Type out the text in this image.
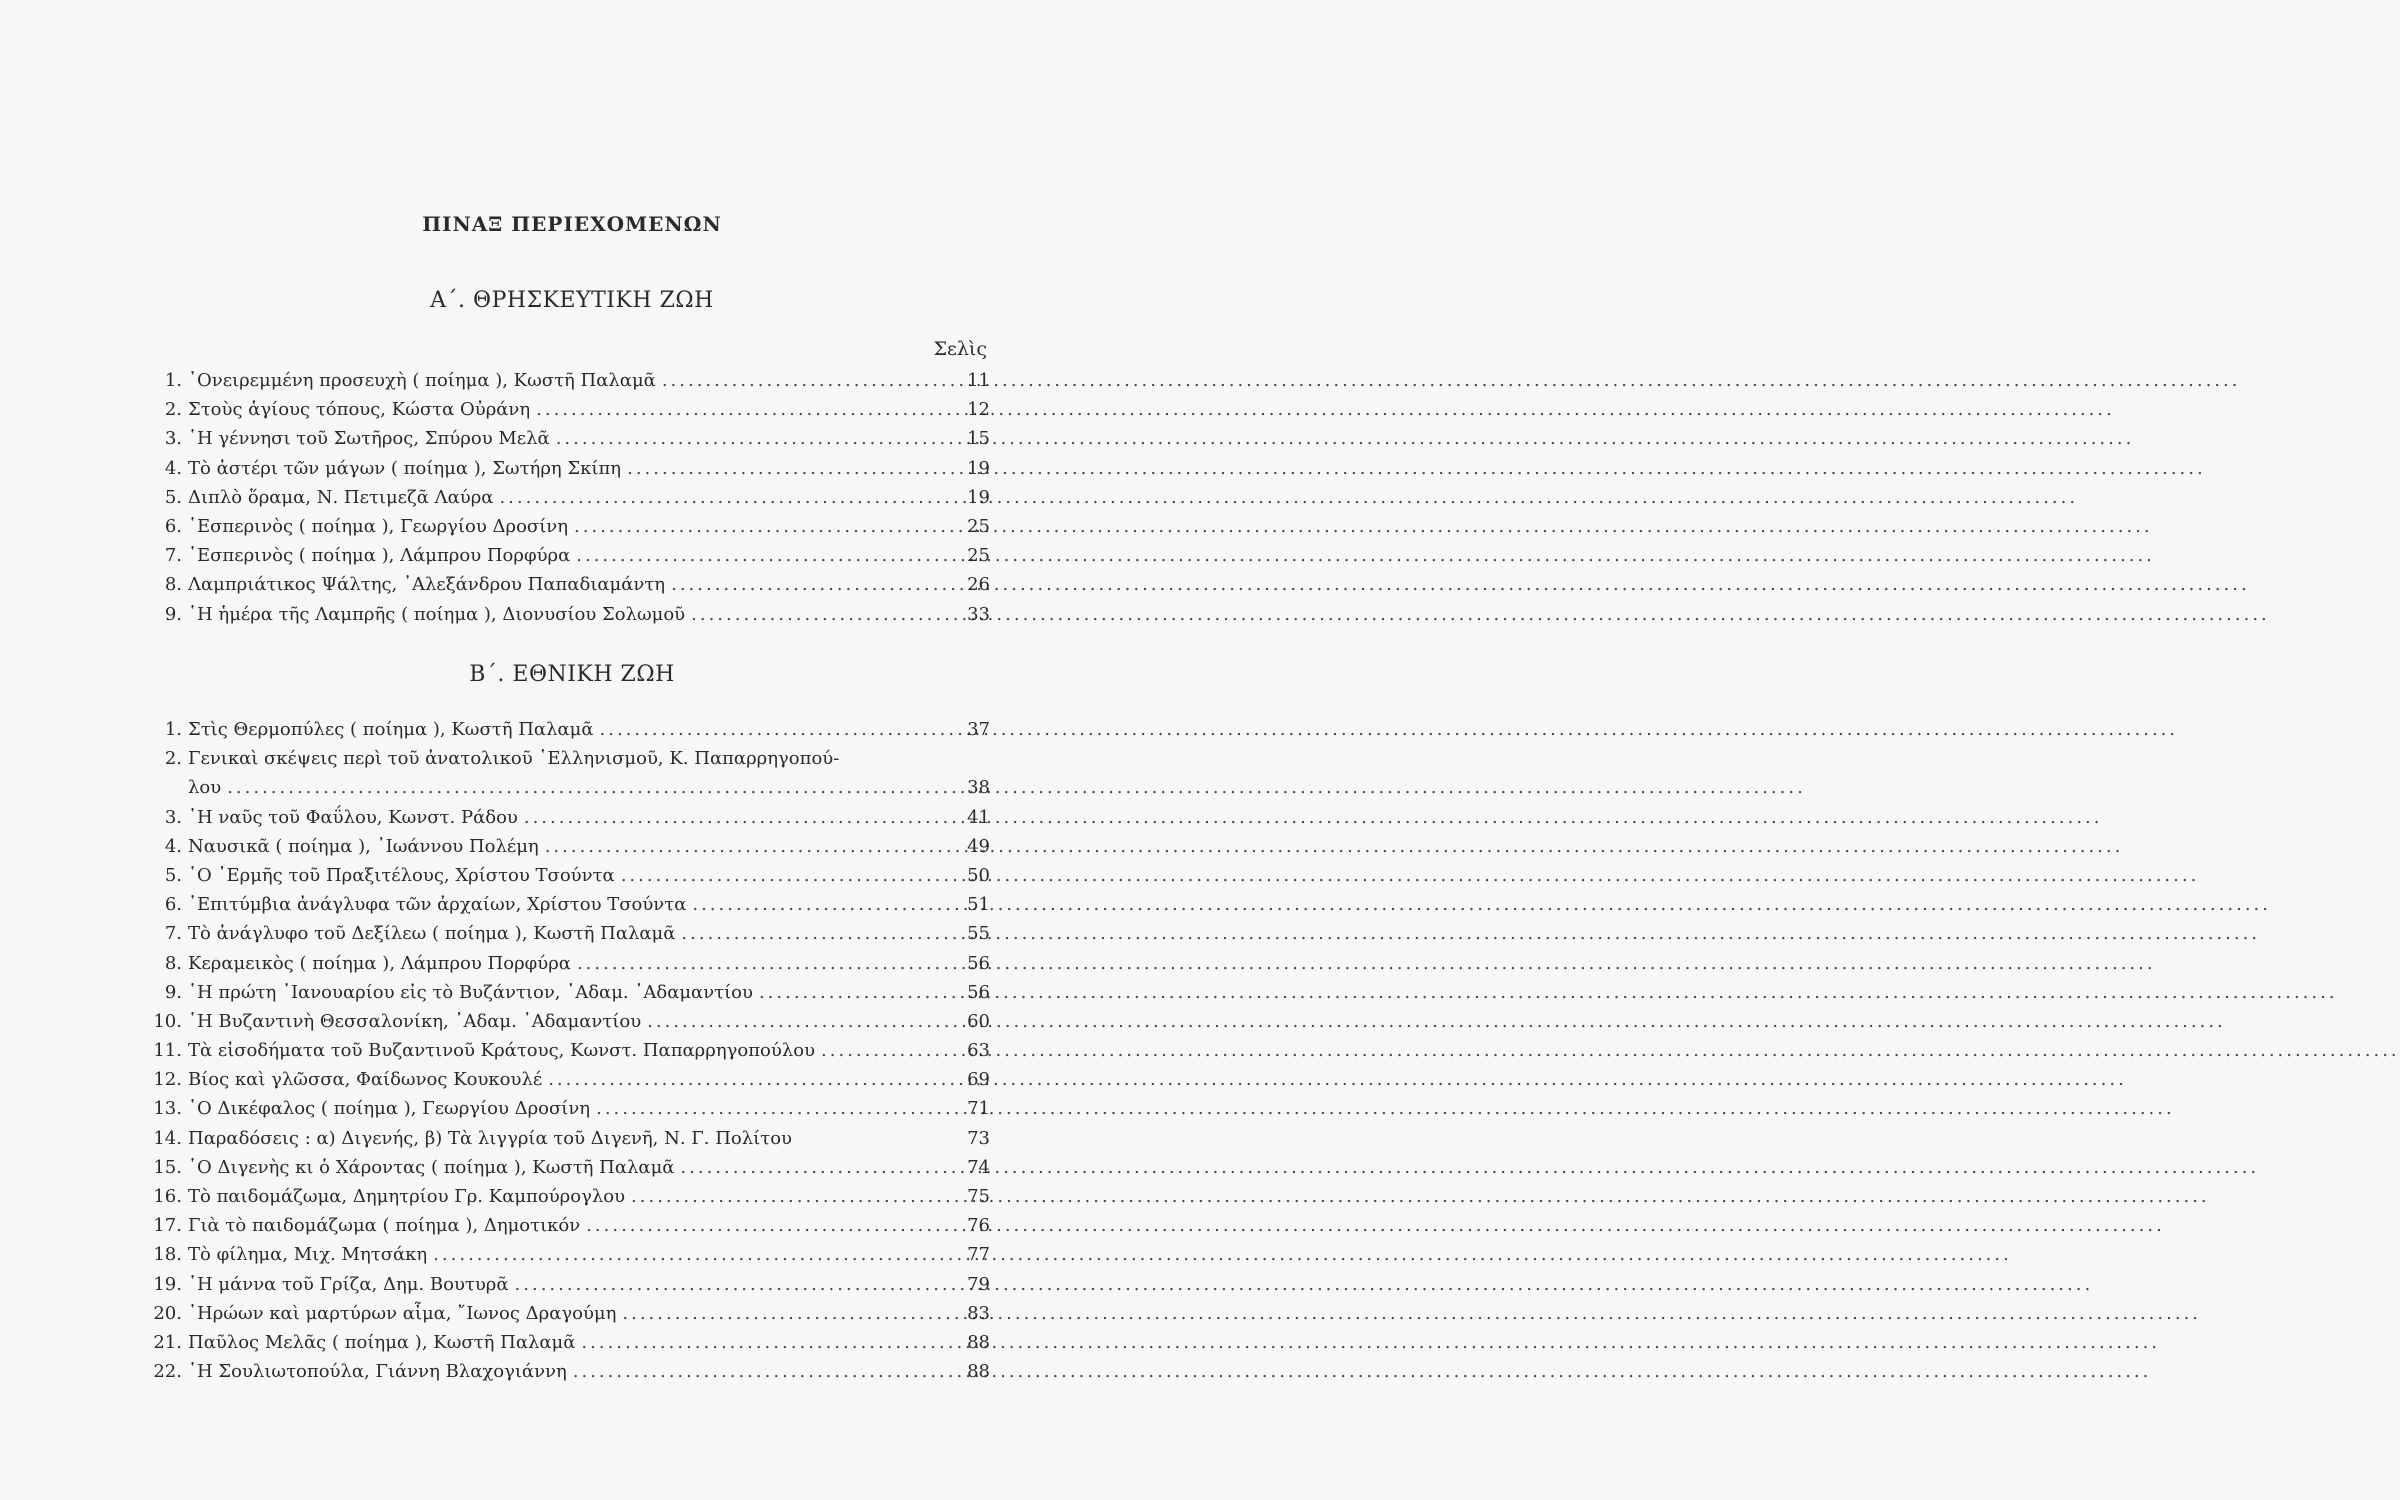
ΠΙΝΑΞ ΠΕΡΙΕΧΟΜΕΝΩΝ
Α΄. ΘΡΗΣΚΕΥΤΙΚΗ ΖΩΗ
Σελὶς
1. ᾿Ονειρεμμένη προσευχὴ ( ποίημα ), Κωστῆ Παλαμᾶ .....	11
2. Στοὺς ἁγίους τόπους, Κώστα Οὐράνη .....	12
3. ῾Η γέννησι τοῦ Σωτῆρος, Σπύρου Μελᾶ .....	15
4. Τὸ ἀστέρι τῶν μάγων ( ποίημα ), Σωτήρη Σκίπη .....	19
5. Διπλὸ ὅραμα, Ν. Πετιμεζᾶ Λαύρα .....	19
6. ῾Εσπερινὸς ( ποίημα ), Γεωργίου Δροσίνη .....	25
7. ῾Εσπερινὸς ( ποίημα ), Λάμπρου Πορφύρα .....	25
8. Λαμπριάτικος Ψάλτης, ᾿Αλεξάνδρου Παπαδιαμάντη .....	26
9. ῾Η ἡμέρα τῆς Λαμπρῆς ( ποίημα ), Διονυσίου Σολωμοῦ .....	33
Β΄. ΕΘΝΙΚΗ ΖΩΗ
1. Στὶς Θερμοπύλες ( ποίημα ), Κωστῆ Παλαμᾶ .....	37
2. Γενικαὶ σκέψεις περὶ τοῦ ἀνατολικοῦ ῾Ελληνισμοῦ, Κ. Παπαρρηγοπού-
λου .....	38
3. ῾Η ναῦς τοῦ Φαΰλου, Κωνστ. Ράδου .....	41
4. Ναυσικᾶ ( ποίημα ), ᾿Ιωάννου Πολέμη .....	49
5. ῾Ο ῾Ερμῆς τοῦ Πραξιτέλους, Χρίστου Τσούντα .....	50
6. ᾿Επιτύμβια ἀνάγλυφα τῶν ἀρχαίων, Χρίστου Τσούντα .....	51
7. Τὸ ἀνάγλυφο τοῦ Δεξίλεω ( ποίημα ), Κωστῆ Παλαμᾶ .....	55
8. Κεραμεικὸς ( ποίημα ), Λάμπρου Πορφύρα .....	56
9. ῾Η πρώτη ᾿Ιανουαρίου εἰς τὸ Βυζάντιον, ᾿Αδαμ. ᾿Αδαμαντίου .....	56
10. ῾Η Βυζαντινὴ Θεσσαλονίκη, ᾿Αδαμ. ᾿Αδαμαντίου .....	60
11. Τὰ εἰσοδήματα τοῦ Βυζαντινοῦ Κράτους, Κωνστ. Παπαρρηγοπούλου .....	63
12. Βίος καὶ γλῶσσα, Φαίδωνος Κουκουλέ .....	69
13. ῾Ο Δικέφαλος ( ποίημα ), Γεωργίου Δροσίνη .....	71
14. Παραδόσεις : α) Διγενής, β) Τὰ λιγγρία τοῦ Διγενῆ, Ν. Γ. Πολίτου	73
15. ῾Ο Διγενὴς κι ὁ Χάροντας ( ποίημα ), Κωστῆ Παλαμᾶ .....	74
16. Τὸ παιδομάζωμα, Δημητρίου Γρ. Καμπούρογλου .....	75
17. Γιὰ τὸ παιδομάζωμα ( ποίημα ), Δημοτικόν .....	76
18. Τὸ φίλημα, Μιχ. Μητσάκη .....	77
19. ῾Η μάννα τοῦ Γρίζα, Δημ. Βουτυρᾶ .....	79
20. ῾Ηρώων καὶ μαρτύρων αἷμα, ῎Ιωνος Δραγούμη .....	83
21. Παῦλος Μελᾶς ( ποίημα ), Κωστῆ Παλαμᾶ .....	88
22. ῾Η Σουλιωτοπούλα, Γιάννη Βλαχογιάννη .....	88
